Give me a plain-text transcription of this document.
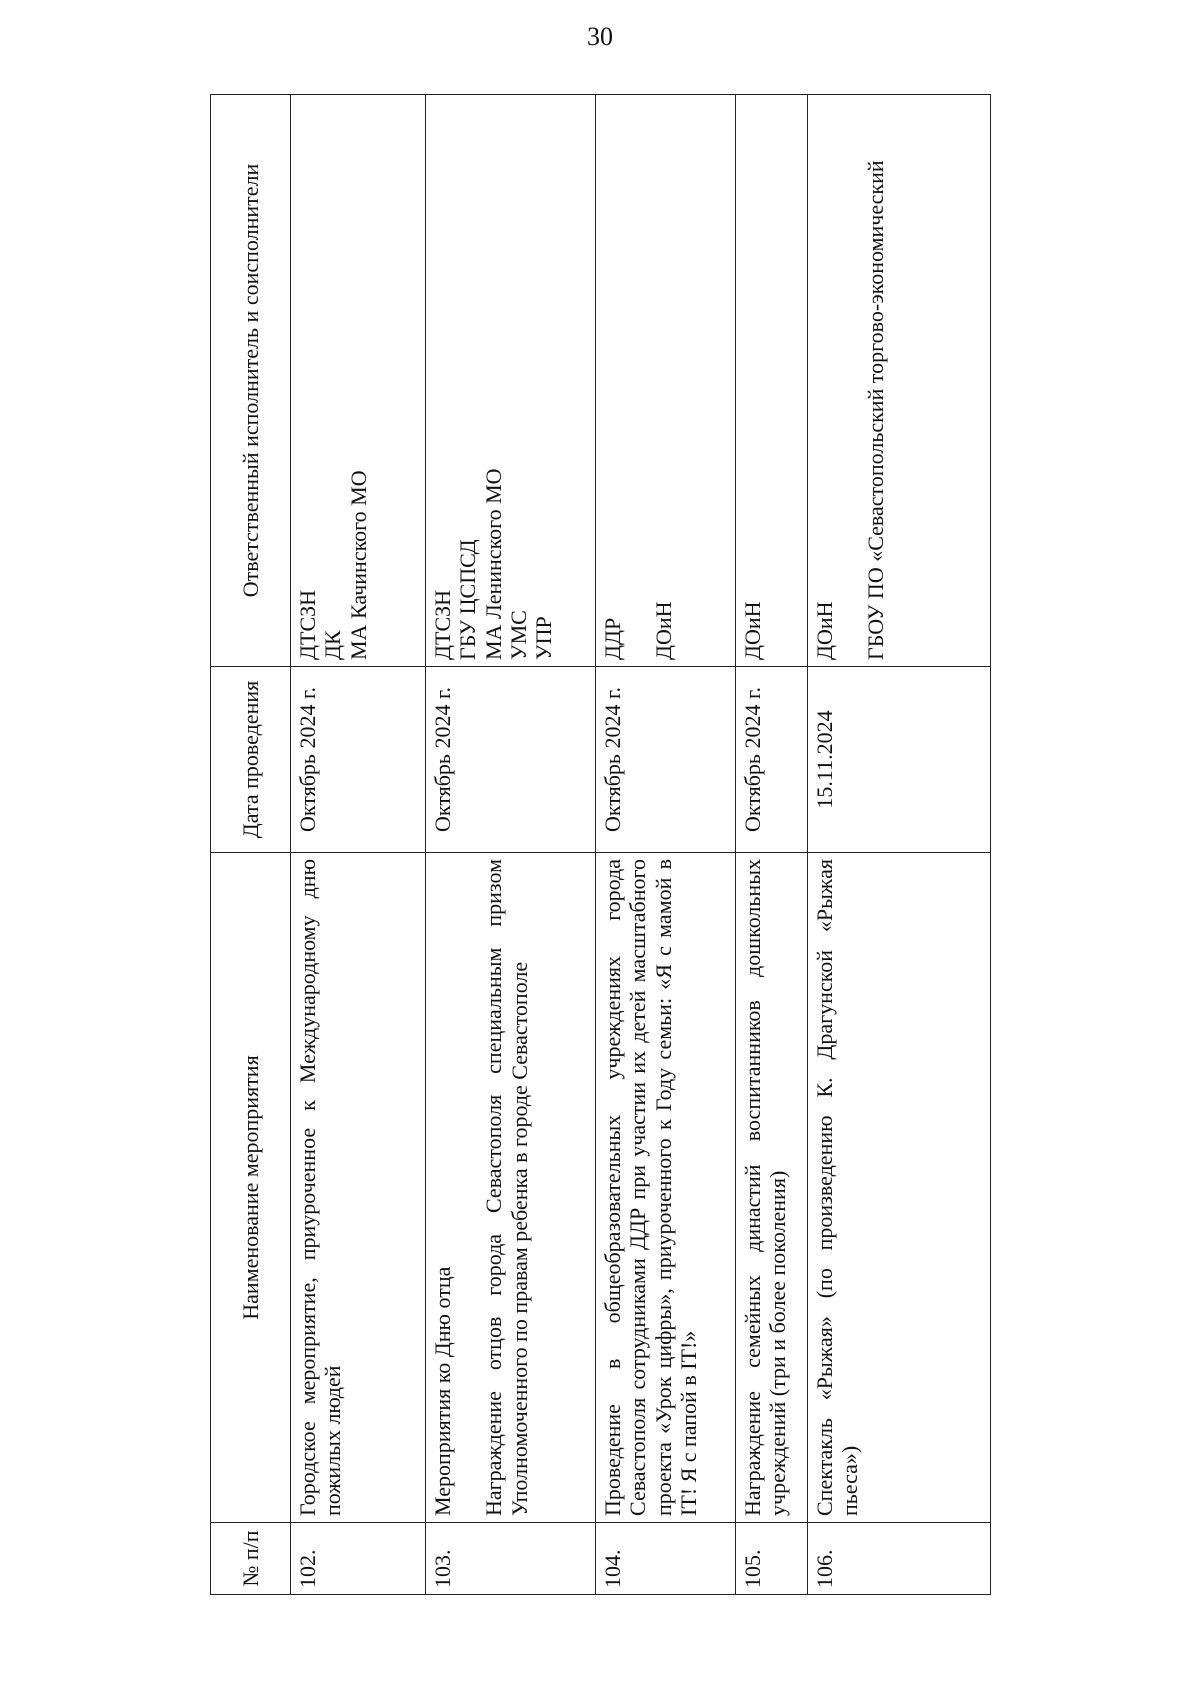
30
№ п/п	Наименование мероприятия	Дата проведения	Ответственный исполнитель и соисполнители
102.	Городское мероприятие, приуроченное к Международному дню пожилых людей	Октябрь 2024 г.	ДТСЗН ДК МА Качинского МО

103.	Мероприятия ко Дню отца Награждение отцов города Севастополя специальным призом Уполномоченного по правам ребенка в городе Севастополе	Октябрь 2024 г.	ДТСЗН ГБУ ЦСПСД МА Ленинского МО УМС УПР

104.	Проведение в общеобразовательных учреждениях города Севастополя сотрудниками ДДР при участии их детей масштабного проекта «Урок цифры», приуроченного к Году семьи: «Я с мамой в IT! Я с папой в IT!»	Октябрь 2024 г.	ДДР ДОиН

105.	Награждение семейных династий воспитанников дошкольных учреждений (три и более поколения)	Октябрь 2024 г.	ДОиН

106.	Спектакль «Рыжая» (по произведению К. Драгунской «Рыжая пьеса»)	15.11.2024	ДОиН ГБОУ ПО «Севастопольский торгово-экономический
